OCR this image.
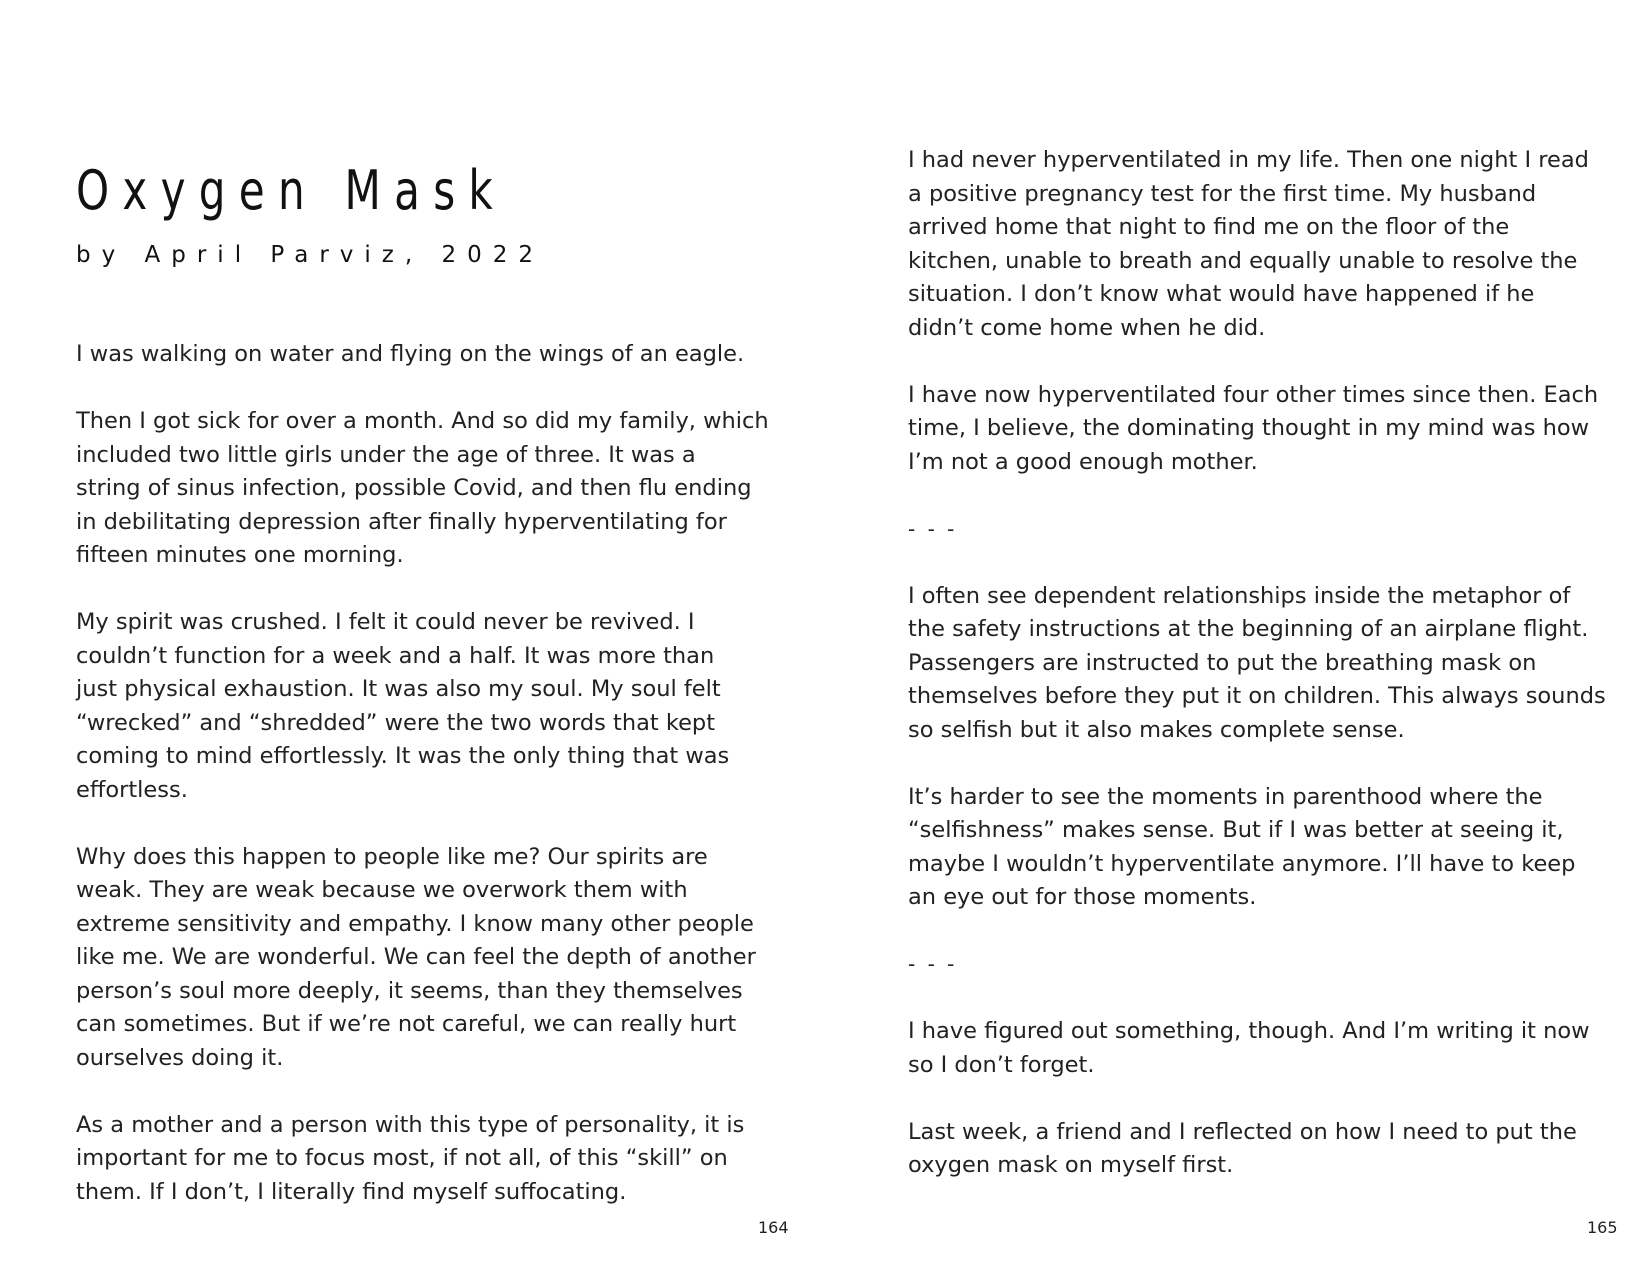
Oxygen Mask
by April Parviz, 2022

I was walking on water and flying on the wings of an eagle.

Then I got sick for over a month. And so did my family, which
included two little girls under the age of three. It was a
string of sinus infection, possible Covid, and then flu ending
in debilitating depression after finally hyperventilating for
fifteen minutes one morning.

My spirit was crushed. I felt it could never be revived. I
couldn’t function for a week and a half. It was more than
just physical exhaustion. It was also my soul. My soul felt
“wrecked” and “shredded” were the two words that kept
coming to mind effortlessly. It was the only thing that was
effortless.

Why does this happen to people like me? Our spirits are
weak. They are weak because we overwork them with
extreme sensitivity and empathy. I know many other people
like me. We are wonderful. We can feel the depth of another
person’s soul more deeply, it seems, than they themselves
can sometimes. But if we’re not careful, we can really hurt
ourselves doing it.

As a mother and a person with this type of personality, it is
important for me to focus most, if not all, of this “skill” on
them. If I don’t, I literally find myself suffocating.

164

I had never hyperventilated in my life. Then one night I read
a positive pregnancy test for the first time. My husband
arrived home that night to find me on the floor of the
kitchen, unable to breath and equally unable to resolve the
situation. I don’t know what would have happened if he
didn’t come home when he did.

I have now hyperventilated four other times since then. Each
time, I believe, the dominating thought in my mind was how
I’m not a good enough mother.

- - -

I often see dependent relationships inside the metaphor of
the safety instructions at the beginning of an airplane flight.
Passengers are instructed to put the breathing mask on
themselves before they put it on children. This always sounds
so selfish but it also makes complete sense.

It’s harder to see the moments in parenthood where the
“selfishness” makes sense. But if I was better at seeing it,
maybe I wouldn’t hyperventilate anymore. I’ll have to keep
an eye out for those moments.

- - -

I have figured out something, though. And I’m writing it now
so I don’t forget.

Last week, a friend and I reflected on how I need to put the
oxygen mask on myself first.

165
